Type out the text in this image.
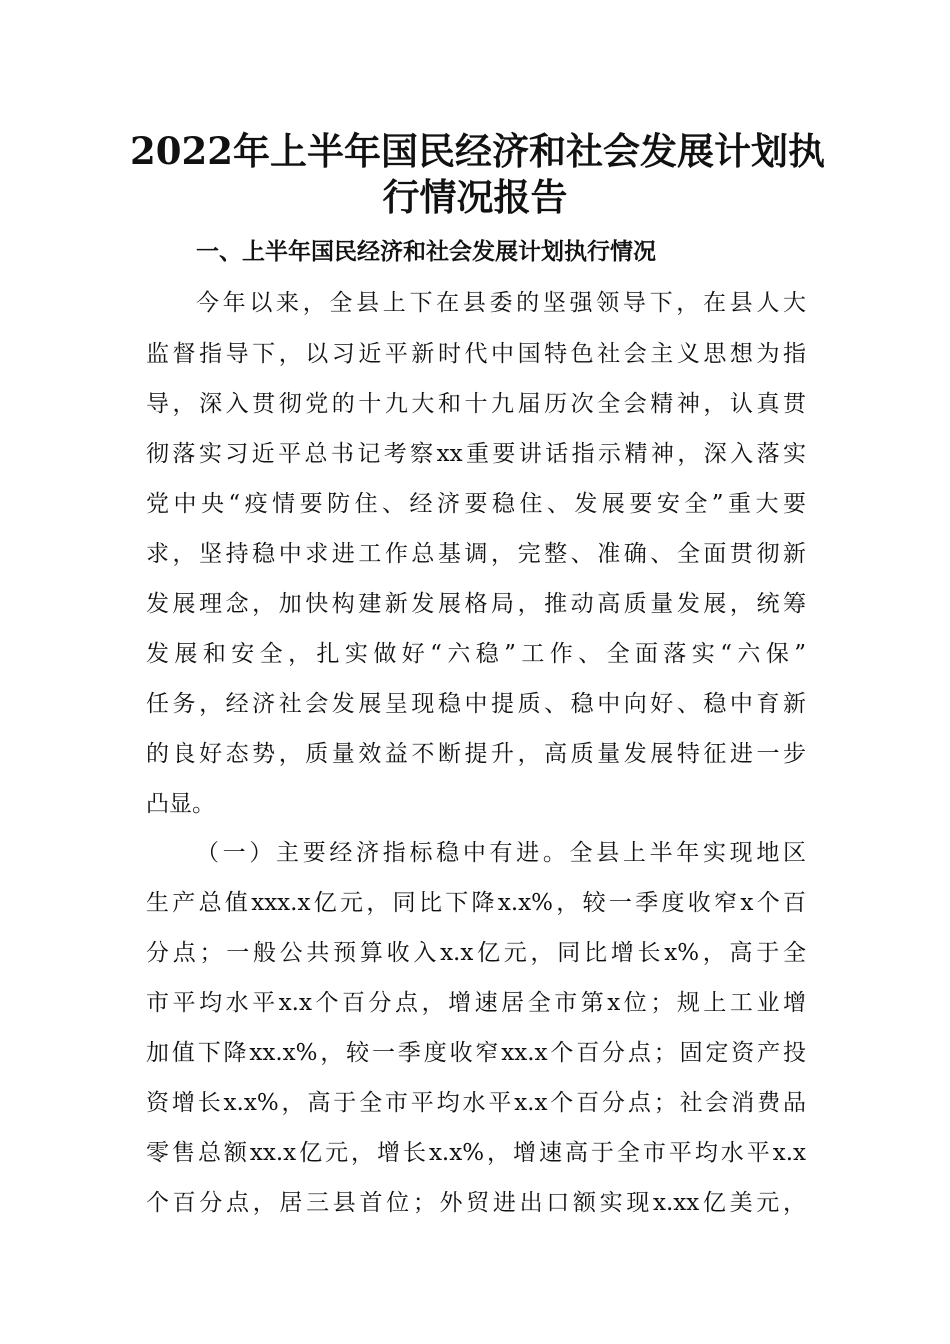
2022年上半年国民经济和社会发展计划执
行情况报告
一、上半年国民经济和社会发展计划执行情况
今年以来，全县上下在县委的坚强领导下，在县人大
监督指导下，以习近平新时代中国特色社会主义思想为指
导，深入贯彻党的十九大和十九届历次全会精神，认真贯
彻落实习近平总书记考察xx重要讲话指示精神，深入落实
党中央“疫情要防住、经济要稳住、发展要安全”重大要
求，坚持稳中求进工作总基调，完整、准确、全面贯彻新
发展理念，加快构建新发展格局，推动高质量发展，统筹
发展和安全，扎实做好“六稳”工作、全面落实“六保”
任务，经济社会发展呈现稳中提质、稳中向好、稳中育新
的良好态势，质量效益不断提升，高质量发展特征进一步
凸显。
（一）主要经济指标稳中有进。全县上半年实现地区
生产总值xxx.x亿元，同比下降x.x%，较一季度收窄x个百
分点；一般公共预算收入x.x亿元，同比增长x%，高于全
市平均水平x.x个百分点，增速居全市第x位；规上工业增
加值下降xx.x%，较一季度收窄xx.x个百分点；固定资产投
资增长x.x%，高于全市平均水平x.x个百分点；社会消费品
零售总额xx.x亿元，增长x.x%，增速高于全市平均水平x.x
个百分点，居三县首位；外贸进出口额实现x.xx亿美元，
